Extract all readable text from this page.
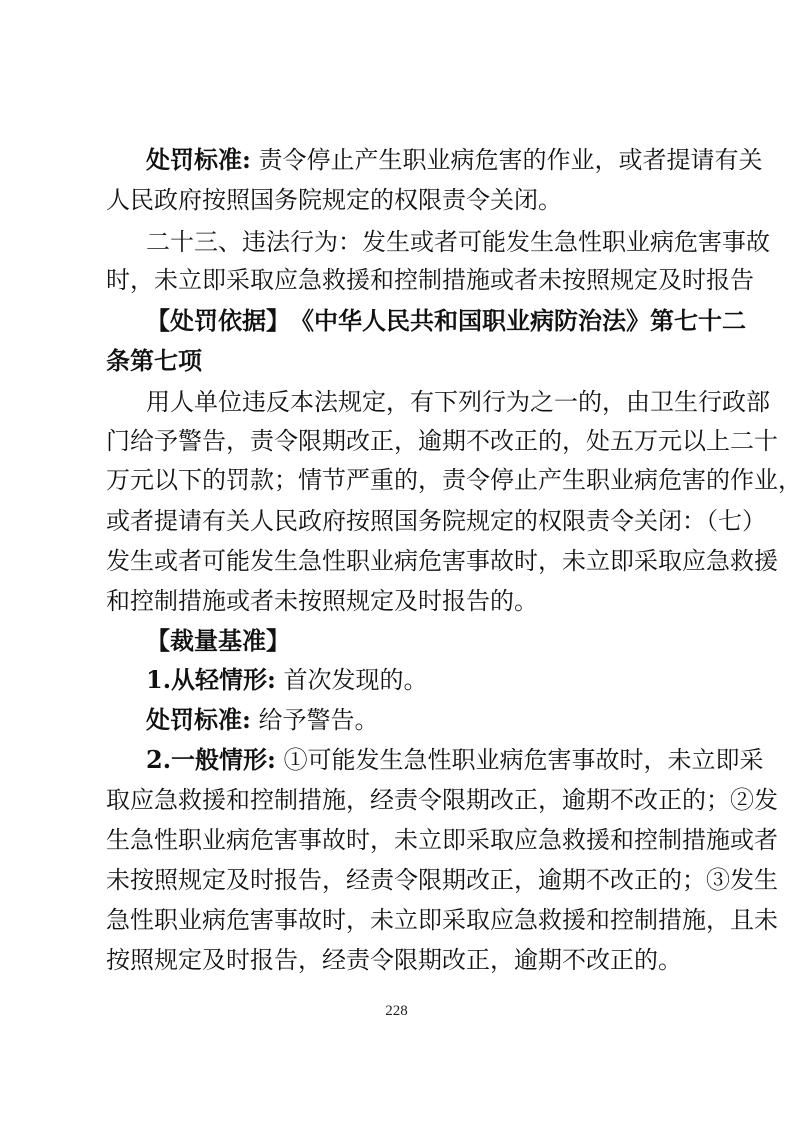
处罚标准: 责令停止产生职业病危害的作业，或者提请有关
人民政府按照国务院规定的权限责令关闭。
二十三、违法行为：发生或者可能发生急性职业病危害事故
时，未立即采取应急救援和控制措施或者未按照规定及时报告
【处罚依据】 《中华人民共和国职业病防治法》第七十二
条第七项
用人单位违反本法规定，有下列行为之一的，由卫生行政部
门给予警告，责令限期改正，逾期不改正的，处五万元以上二十
万元以下的罚款；情节严重的，责令停止产生职业病危害的作业，
或者提请有关人民政府按照国务院规定的权限责令关闭：（七）
发生或者可能发生急性职业病危害事故时，未立即采取应急救援
和控制措施或者未按照规定及时报告的。
【裁量基准】
1.从轻情形: 首次发现的。
处罚标准: 给予警告。
2.一般情形: ①可能发生急性职业病危害事故时，未立即采
取应急救援和控制措施，经责令限期改正，逾期不改正的；②发
生急性职业病危害事故时，未立即采取应急救援和控制措施或者
未按照规定及时报告，经责令限期改正，逾期不改正的；③发生
急性职业病危害事故时，未立即采取应急救援和控制措施，且未
按照规定及时报告，经责令限期改正，逾期不改正的。
228
